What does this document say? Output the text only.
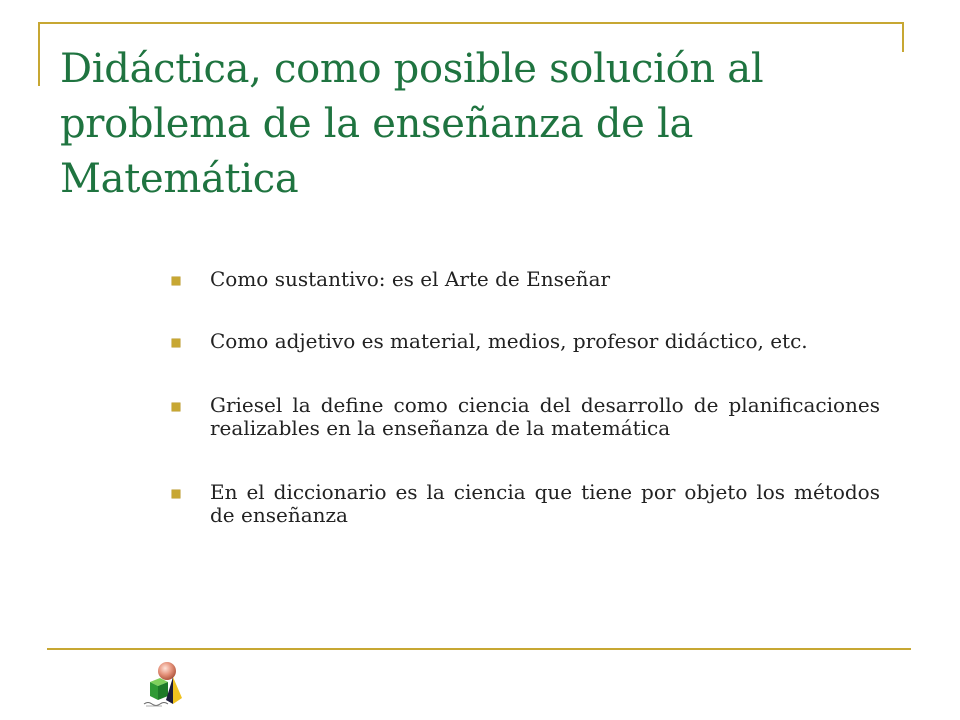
Didáctica, como posible solución al problema de la enseñanza de la Matemática
Como sustantivo: es el Arte de Enseñar
Como adjetivo es material, medios, profesor didáctico, etc.
Griesel la define como ciencia del desarrollo de planificaciones realizables en la enseñanza de la matemática
En el diccionario es la ciencia que tiene por objeto los métodos de enseñanza
